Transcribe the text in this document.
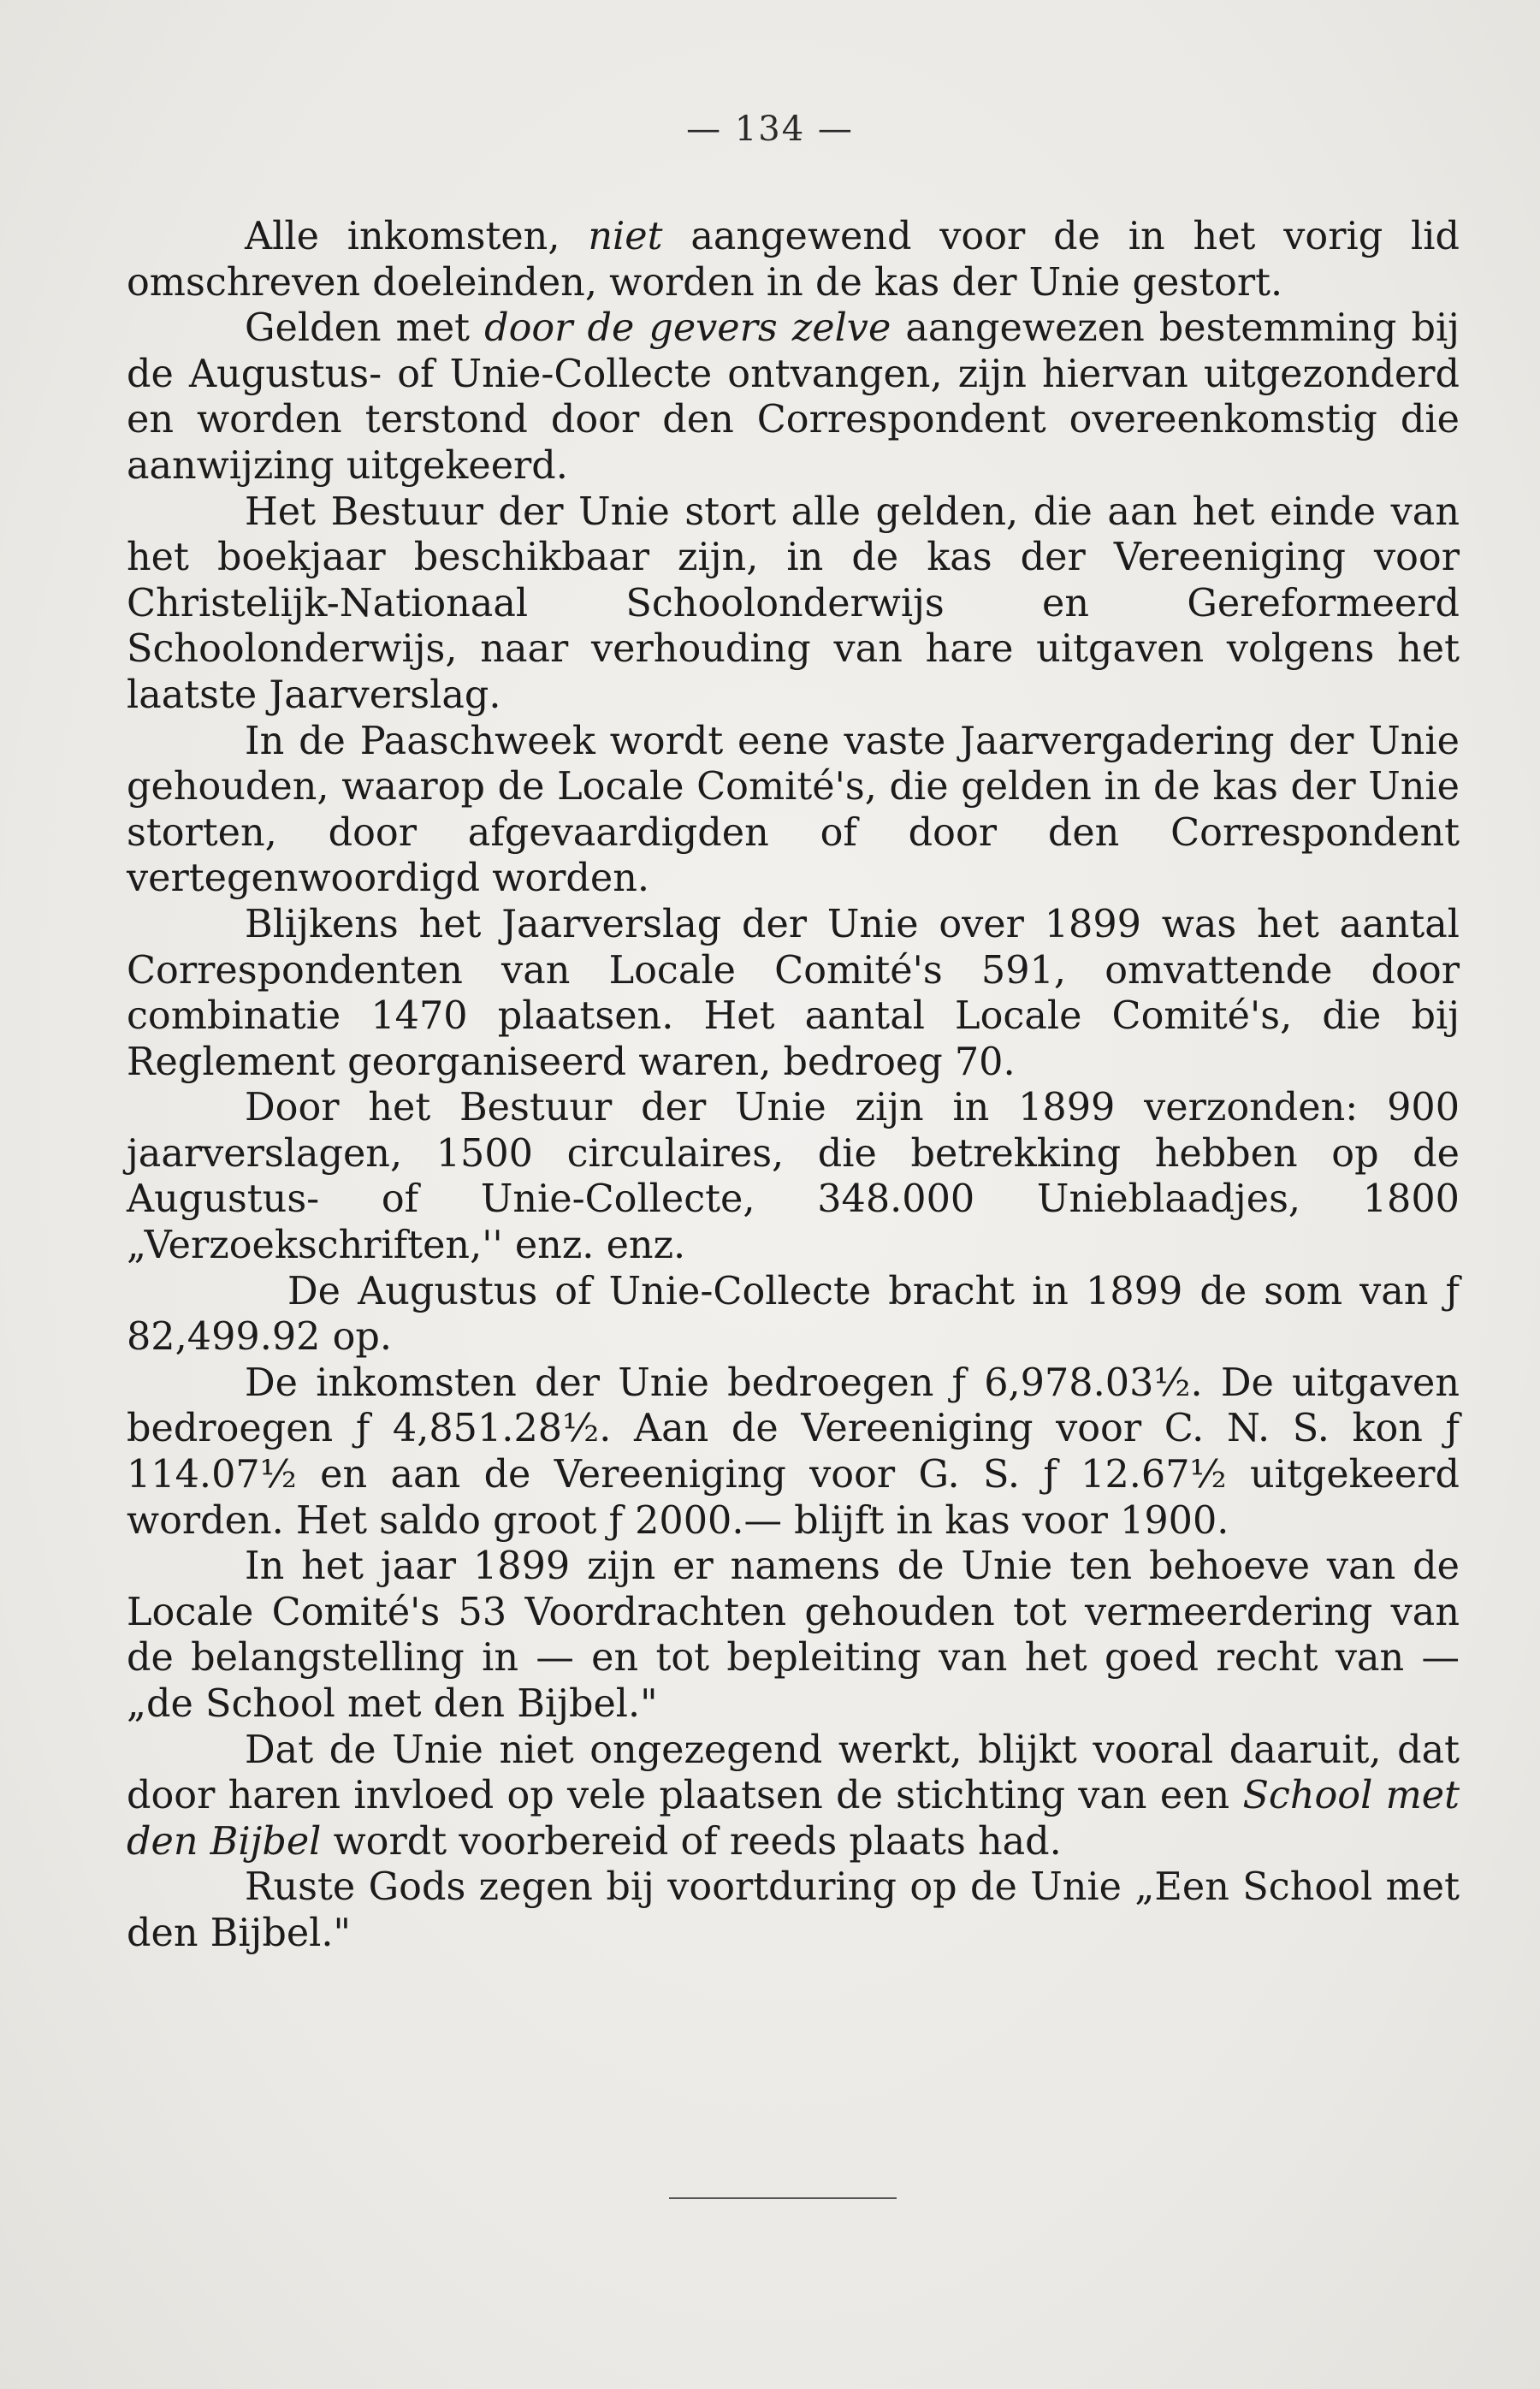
— 134 —

Alle inkomsten, niet aangewend voor de in het vorig lid omschreven doeleinden, worden in de kas der Unie gestort.

Gelden met door de gevers zelve aangewezen bestemming bij de Augustus- of Unie-Collecte ontvangen, zijn hiervan uitgezonderd en worden terstond door den Correspondent overeenkomstig die aanwijzing uitgekeerd.

Het Bestuur der Unie stort alle gelden, die aan het einde van het boekjaar beschikbaar zijn, in de kas der Vereeniging voor Christelijk-Nationaal Schoolonderwijs en Gereformeerd Schoolonderwijs, naar verhouding van hare uitgaven volgens het laatste Jaarverslag.

In de Paaschweek wordt eene vaste Jaarvergadering der Unie gehouden, waarop de Locale Comité's, die gelden in de kas der Unie storten, door afgevaardigden of door den Correspondent vertegenwoordigd worden.

Blijkens het Jaarverslag der Unie over 1899 was het aantal Correspondenten van Locale Comité's 591, omvattende door combinatie 1470 plaatsen. Het aantal Locale Comité's, die bij Reglement georganiseerd waren, bedroeg 70.

Door het Bestuur der Unie zijn in 1899 verzonden: 900 jaarverslagen, 1500 circulaires, die betrekking hebben op de Augustus- of Unie-Collecte, 348.000 Unieblaadjes, 1800 „Verzoekschriften,'' enz. enz.

De Augustus of Unie-Collecte bracht in 1899 de som van ƒ 82,499.92 op.

De inkomsten der Unie bedroegen ƒ 6,978.03½. De uitgaven bedroegen ƒ 4,851.28½. Aan de Vereeniging voor C. N. S. kon ƒ 114.07½ en aan de Vereeniging voor G. S. ƒ 12.67½ uitgekeerd worden. Het saldo groot ƒ 2000.— blijft in kas voor 1900.

In het jaar 1899 zijn er namens de Unie ten behoeve van de Locale Comité's 53 Voordrachten gehouden tot vermeerdering van de belangstelling in — en tot bepleiting van het goed recht van — „de School met den Bijbel."

Dat de Unie niet ongezegend werkt, blijkt vooral daaruit, dat door haren invloed op vele plaatsen de stichting van een School met den Bijbel wordt voorbereid of reeds plaats had.

Ruste Gods zegen bij voortduring op de Unie „Een School met den Bijbel."
